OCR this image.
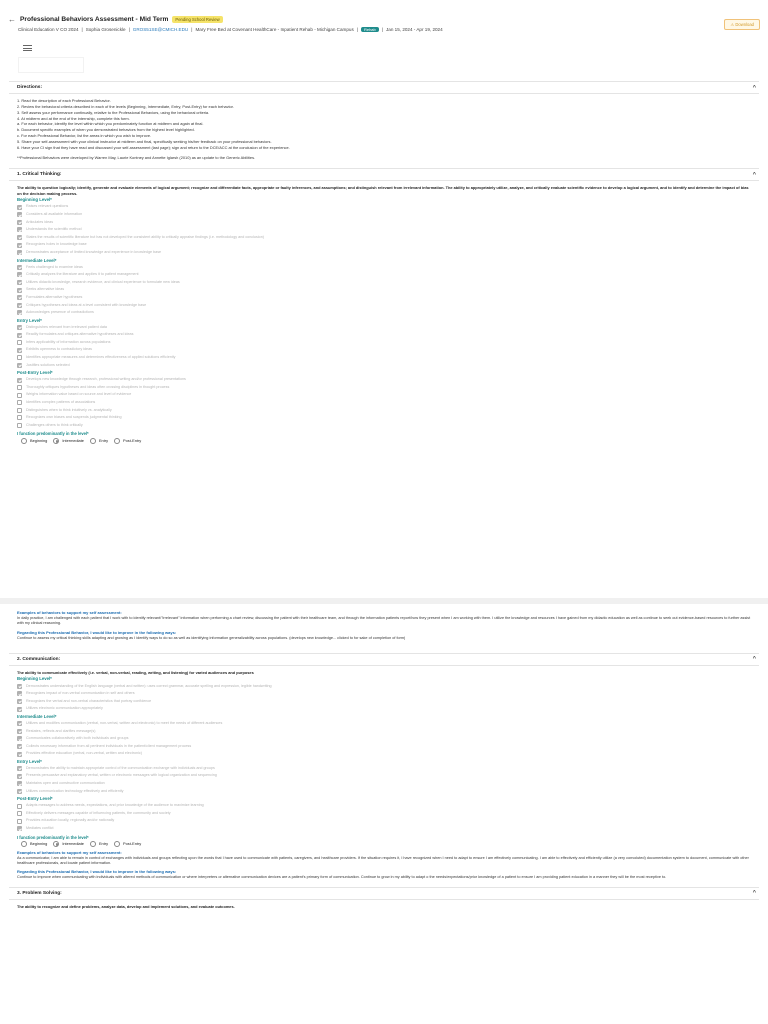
← Professional Behaviors Assessment - Mid Term	Pending School Review
Clinical Education V CO 2024 | Sophia Grosenickle | GROS51SE@CMICH.EDU | Mary Free Bed at Covenant HealthCare - Inpatient Rehab - Michigan Campus |	Rehab	| Jan 15, 2024 - Apr 19, 2024
⚠ Download
Directions:	^
1. Read the description of each Professional Behavior.
2. Review the behavioral criteria described in each of the levels (Beginning, Intermediate, Entry, Post-Entry) for each behavior.
3. Self assess your performance continually, relative to the Professional Behaviors, using the behavioral criteria.
4. At midterm and at the end of the internship, complete this form.
a. For each behavior, identify the level within which you predominately function at midterm and again at final.
b. Document specific examples of when you demonstrated behaviors from the highest level highlighted.
c. For each Professional Behavior, list the areas in which you wish to improve.
5. Share your self-assessment with your clinical instructor at midterm and final, specifically seeking his/her feedback on your professional behaviors.
6. Have your CI sign that they have read and discussed your self-assessment (last page); sign and return to the DCE/ACC at the conclusion of the experience.
**Professional Behaviors were developed by Warren May, Laurie Kontney and Annette Iglarsh (2010) as an update to the Generic Abilities.
1. Critical Thinking:	^
The ability to question logically; identify, generate and evaluate elements of logical argument; recognize and differentiate facts, appropriate or faulty inferences, and assumptions; and distinguish relevant from irrelevant information. The ability to appropriately utilize, analyze, and critically evaluate scientific evidence to develop a logical argument, and to identify and determine the impact of bias on the decision making process.
Beginning Level*
Raises relevant questions
Considers all available information
Articulates ideas
Understands the scientific method
States the results of scientific literature but has not developed the consistent ability to critically appraise findings (i.e. methodology and conclusion)
Recognizes holes in knowledge base
Demonstrates acceptance of limited knowledge and experience in knowledge base
Intermediate Level*
Feels challenged to examine ideas
Critically analyzes the literature and applies it to patient management
Utilizes didactic knowledge, research evidence, and clinical experience to formulate new ideas
Seeks alternative ideas
Formulates alternative hypotheses
Critiques hypotheses and ideas at a level consistent with knowledge base
Acknowledges presence of contradictions
Entry Level*
Distinguishes relevant from irrelevant patient data
Readily formulates and critiques alternative hypotheses and ideas
Infers applicability of information across populations
Exhibits openness to contradictory ideas
Identifies appropriate measures and determines effectiveness of applied solutions efficiently
Justifies solutions selected
Post-Entry Level*
Develops new knowledge through research, professional writing and/or professional presentations
Thoroughly critiques hypotheses and ideas often crossing disciplines in thought process
Weighs information value based on source and level of evidence
Identifies complex patterns of associations
Distinguishes when to think intuitively vs. analytically
Recognizes own biases and suspends judgmental thinking
Challenges others to think critically
I function predominantly in the level*
Beginning	Intermediate	Entry	Post-Entry
Examples of behaviors to support my self assessment:
In daily practice, I am challenged with each patient that I work with to identify relevant/"irrelevant" information when performing a chart review, discussing the patient with their healthcare team, and through the information patients report/how they present when I am working with them. I utilize the knowledge and resources I have gained from my didactic education as well as continue to seek out evidence-based resources to further assist with my clinical reasoning.
Regarding this Professional Behavior, I would like to improve in the following ways:
Continue to assess my critical thinking skills adapting and growing as I identify ways to do so as well as identifying information generalizability across populations. (develops new knowledge... clicked to for sake of completion of form)
2. Communication:	^
The ability to communicate effectively (i.e. verbal, non-verbal, reading, writing, and listening) for varied audiences and purposes
Beginning Level*
Demonstrates understanding of the English language (verbal and written): uses correct grammar, accurate spelling and expression, legible handwriting
Recognizes impact of non-verbal communication in self and others
Recognizes the verbal and non-verbal characteristics that portray confidence
Utilizes electronic communication appropriately
Intermediate Level*
Utilizes and modifies communication (verbal, non-verbal, written and electronic) to meet the needs of different audiences
Restates, reflects and clarifies message(s)
Communicates collaboratively with both individuals and groups
Collects necessary information from all pertinent individuals in the patient/client management process
Provides effective education (verbal, non-verbal, written and electronic)
Entry Level*
Demonstrates the ability to maintain appropriate control of the communication exchange with individuals and groups
Presents persuasive and explanatory verbal, written or electronic messages with logical organization and sequencing
Maintains open and constructive communication
Utilizes communication technology effectively and efficiently
Post-Entry Level*
Adapts messages to address needs, expectations, and prior knowledge of the audience to maximize learning
Effectively delivers messages capable of influencing patients, the community and society
Provides education locally, regionally and/or nationally
Mediates conflict
I function predominantly in the level*
Beginning	Intermediate	Entry	Post-Entry
Examples of behaviors to support my self assessment:
As a communicator, I am able to remain in control of exchanges with individuals and groups reflecting upon the words that I have used to communicate with patients, caregivers, and healthcare providers. If the situation requires it, I have recognized when I need to adapt to ensure I am effectively communicating. I am able to effectively and efficiently utilize (a very convoluted) documentation system to document, communicate with other healthcare professionals, and locate patient information.
Regarding this Professional Behavior, I would like to improve in the following ways:
Continue to improve when communicating with individuals with altered methods of communication or where interpreters or alternative communication devices are a patient's primary form of communication. Continue to grow in my ability to adapt o the needs/expectations/prior knowledge of a patient to ensure I am providing patient education in a manner they will be the most receptive to.
3. Problem Solving:	^
The ability to recognize and define problems, analyze data, develop and implement solutions, and evaluate outcomes.
